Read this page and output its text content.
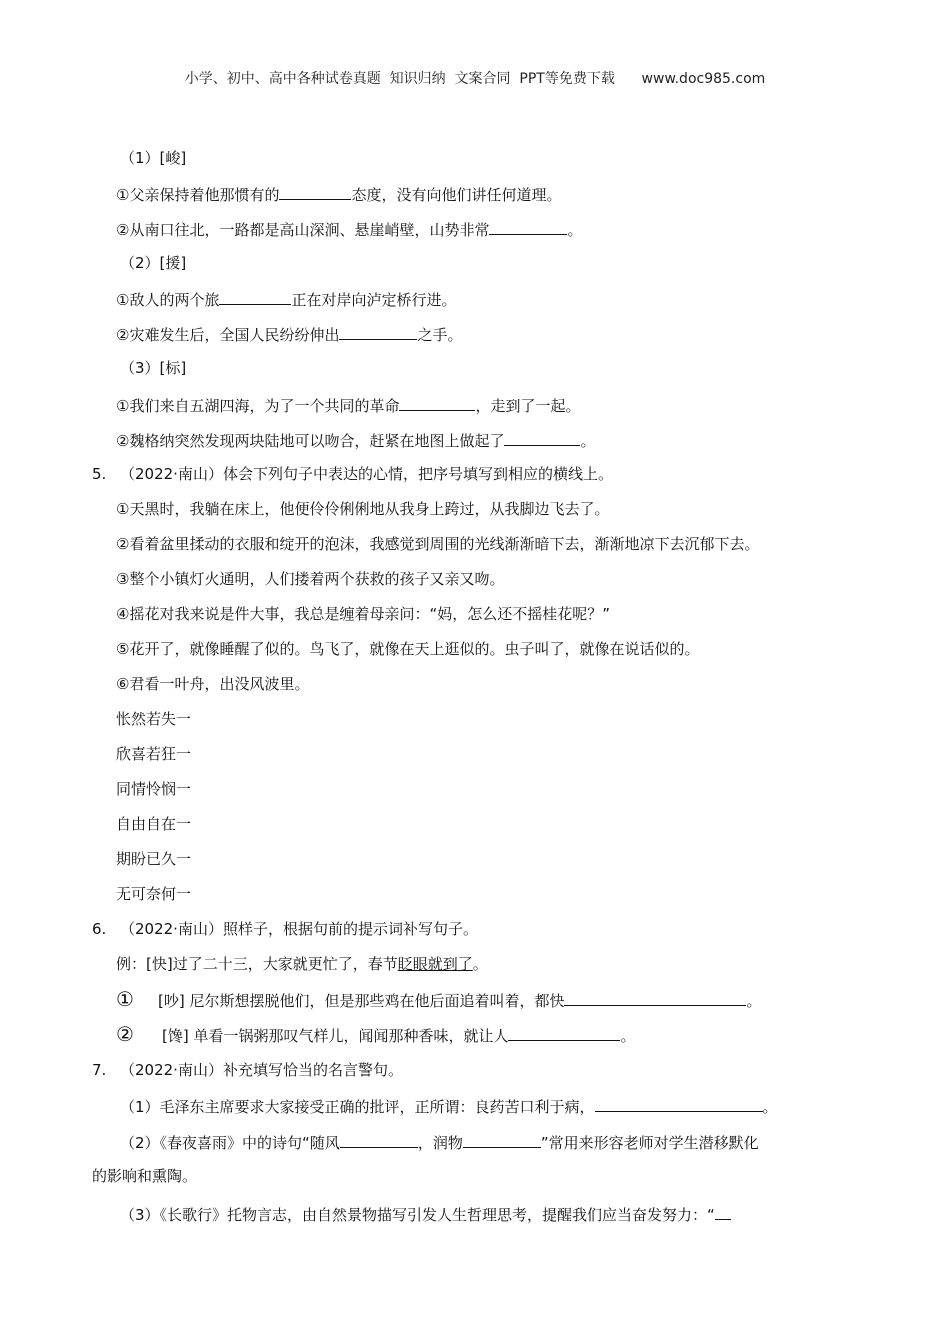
小学、初中、高中各种试卷真题  知识归纳  文案合同  PPT等免费下载      www.doc985.com
（1）[峻]
①父亲保持着他那惯有的	态度，没有向他们讲任何道理。
②从南口往北，一路都是高山深涧、悬崖峭壁，山势非常	。
（2）[援]
①敌人的两个旅	正在对岸向泸定桥行进。
②灾难发生后，全国人民纷纷伸出	之手。
（3）[标]
①我们来自五湖四海，为了一个共同的革命	，走到了一起。
②魏格纳突然发现两块陆地可以吻合，赶紧在地图上做起了	。
5. （2022·南山）体会下列句子中表达的心情，把序号填写到相应的横线上。
①天黑时，我躺在床上，他便伶伶俐俐地从我身上跨过，从我脚边飞去了。
②看着盆里揉动的衣服和绽开的泡沫，我感觉到周围的光线渐渐暗下去，渐渐地凉下去沉郁下去。
③整个小镇灯火通明，人们搂着两个获救的孩子又亲又吻。
④摇花对我来说是件大事，我总是缠着母亲问：“妈，怎么还不摇桂花呢？”
⑤花开了，就像睡醒了似的。鸟飞了，就像在天上逛似的。虫子叫了，就像在说话似的。
⑥君看一叶舟，出没风波里。
怅然若失一
欣喜若狂一
同情怜悯一
自由自在一
期盼已久一
无可奈何一
6. （2022·南山）照样子，根据句前的提示词补写句子。
例：[快]过了二十三，大家就更忙了，春节眨眼就到了。
① [吵] 尼尔斯想摆脱他们，但是那些鸡在他后面追着叫着，都快	。
② [馋] 单看一锅粥那叹气样儿，闻闻那种香味，就让人	。
7. （2022·南山）补充填写恰当的名言警句。
（1）毛泽东主席要求大家接受正确的批评，正所谓：良药苦口利于病，	。
（2）《春夜喜雨》中的诗句“随风	，润物	”常用来形容老师对学生潜移默化
的影响和熏陶。
（3）《长歌行》托物言志，由自然景物描写引发人生哲理思考，提醒我们应当奋发努力：“
